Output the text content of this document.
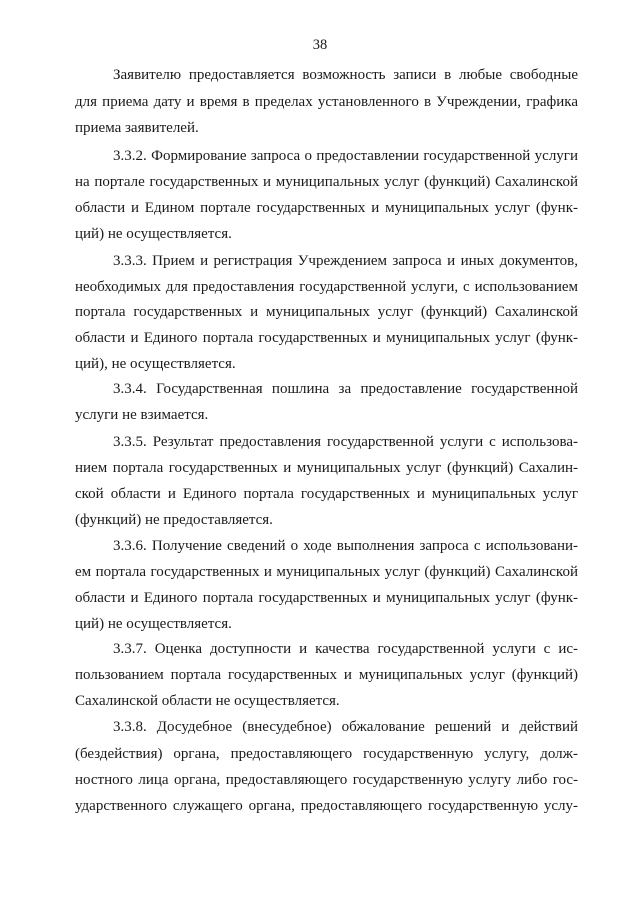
38
Заявителю предоставляется возможность записи в любые свободные
для приема дату и время в пределах установленного в Учреждении, графика
приема заявителей.
3.3.2. Формирование запроса о предоставлении государственной услуги
на портале государственных и муниципальных услуг (функций) Сахалинской
области и Едином портале государственных и муниципальных услуг (функ-
ций) не осуществляется.
3.3.3. Прием и регистрация Учреждением запроса и иных документов,
необходимых для предоставления государственной услуги, с использованием
портала государственных и муниципальных услуг (функций) Сахалинской
области и Единого портала государственных и муниципальных услуг (функ-
ций), не осуществляется.
3.3.4. Государственная пошлина за предоставление государственной
услуги не взимается.
3.3.5. Результат предоставления государственной услуги с использова-
нием портала государственных и муниципальных услуг (функций) Сахалин-
ской области и Единого портала государственных и муниципальных услуг
(функций) не предоставляется.
3.3.6. Получение сведений о ходе выполнения запроса с использовани-
ем портала государственных и муниципальных услуг (функций) Сахалинской
области и Единого портала государственных и муниципальных услуг (функ-
ций) не осуществляется.
3.3.7. Оценка доступности и качества государственной услуги с ис-
пользованием портала государственных и муниципальных услуг (функций)
Сахалинской области не осуществляется.
3.3.8. Досудебное (внесудебное) обжалование решений и действий
(бездействия) органа, предоставляющего государственную услугу, долж-
ностного лица органа, предоставляющего государственную услугу либо гос-
ударственного служащего органа, предоставляющего государственную услу-
